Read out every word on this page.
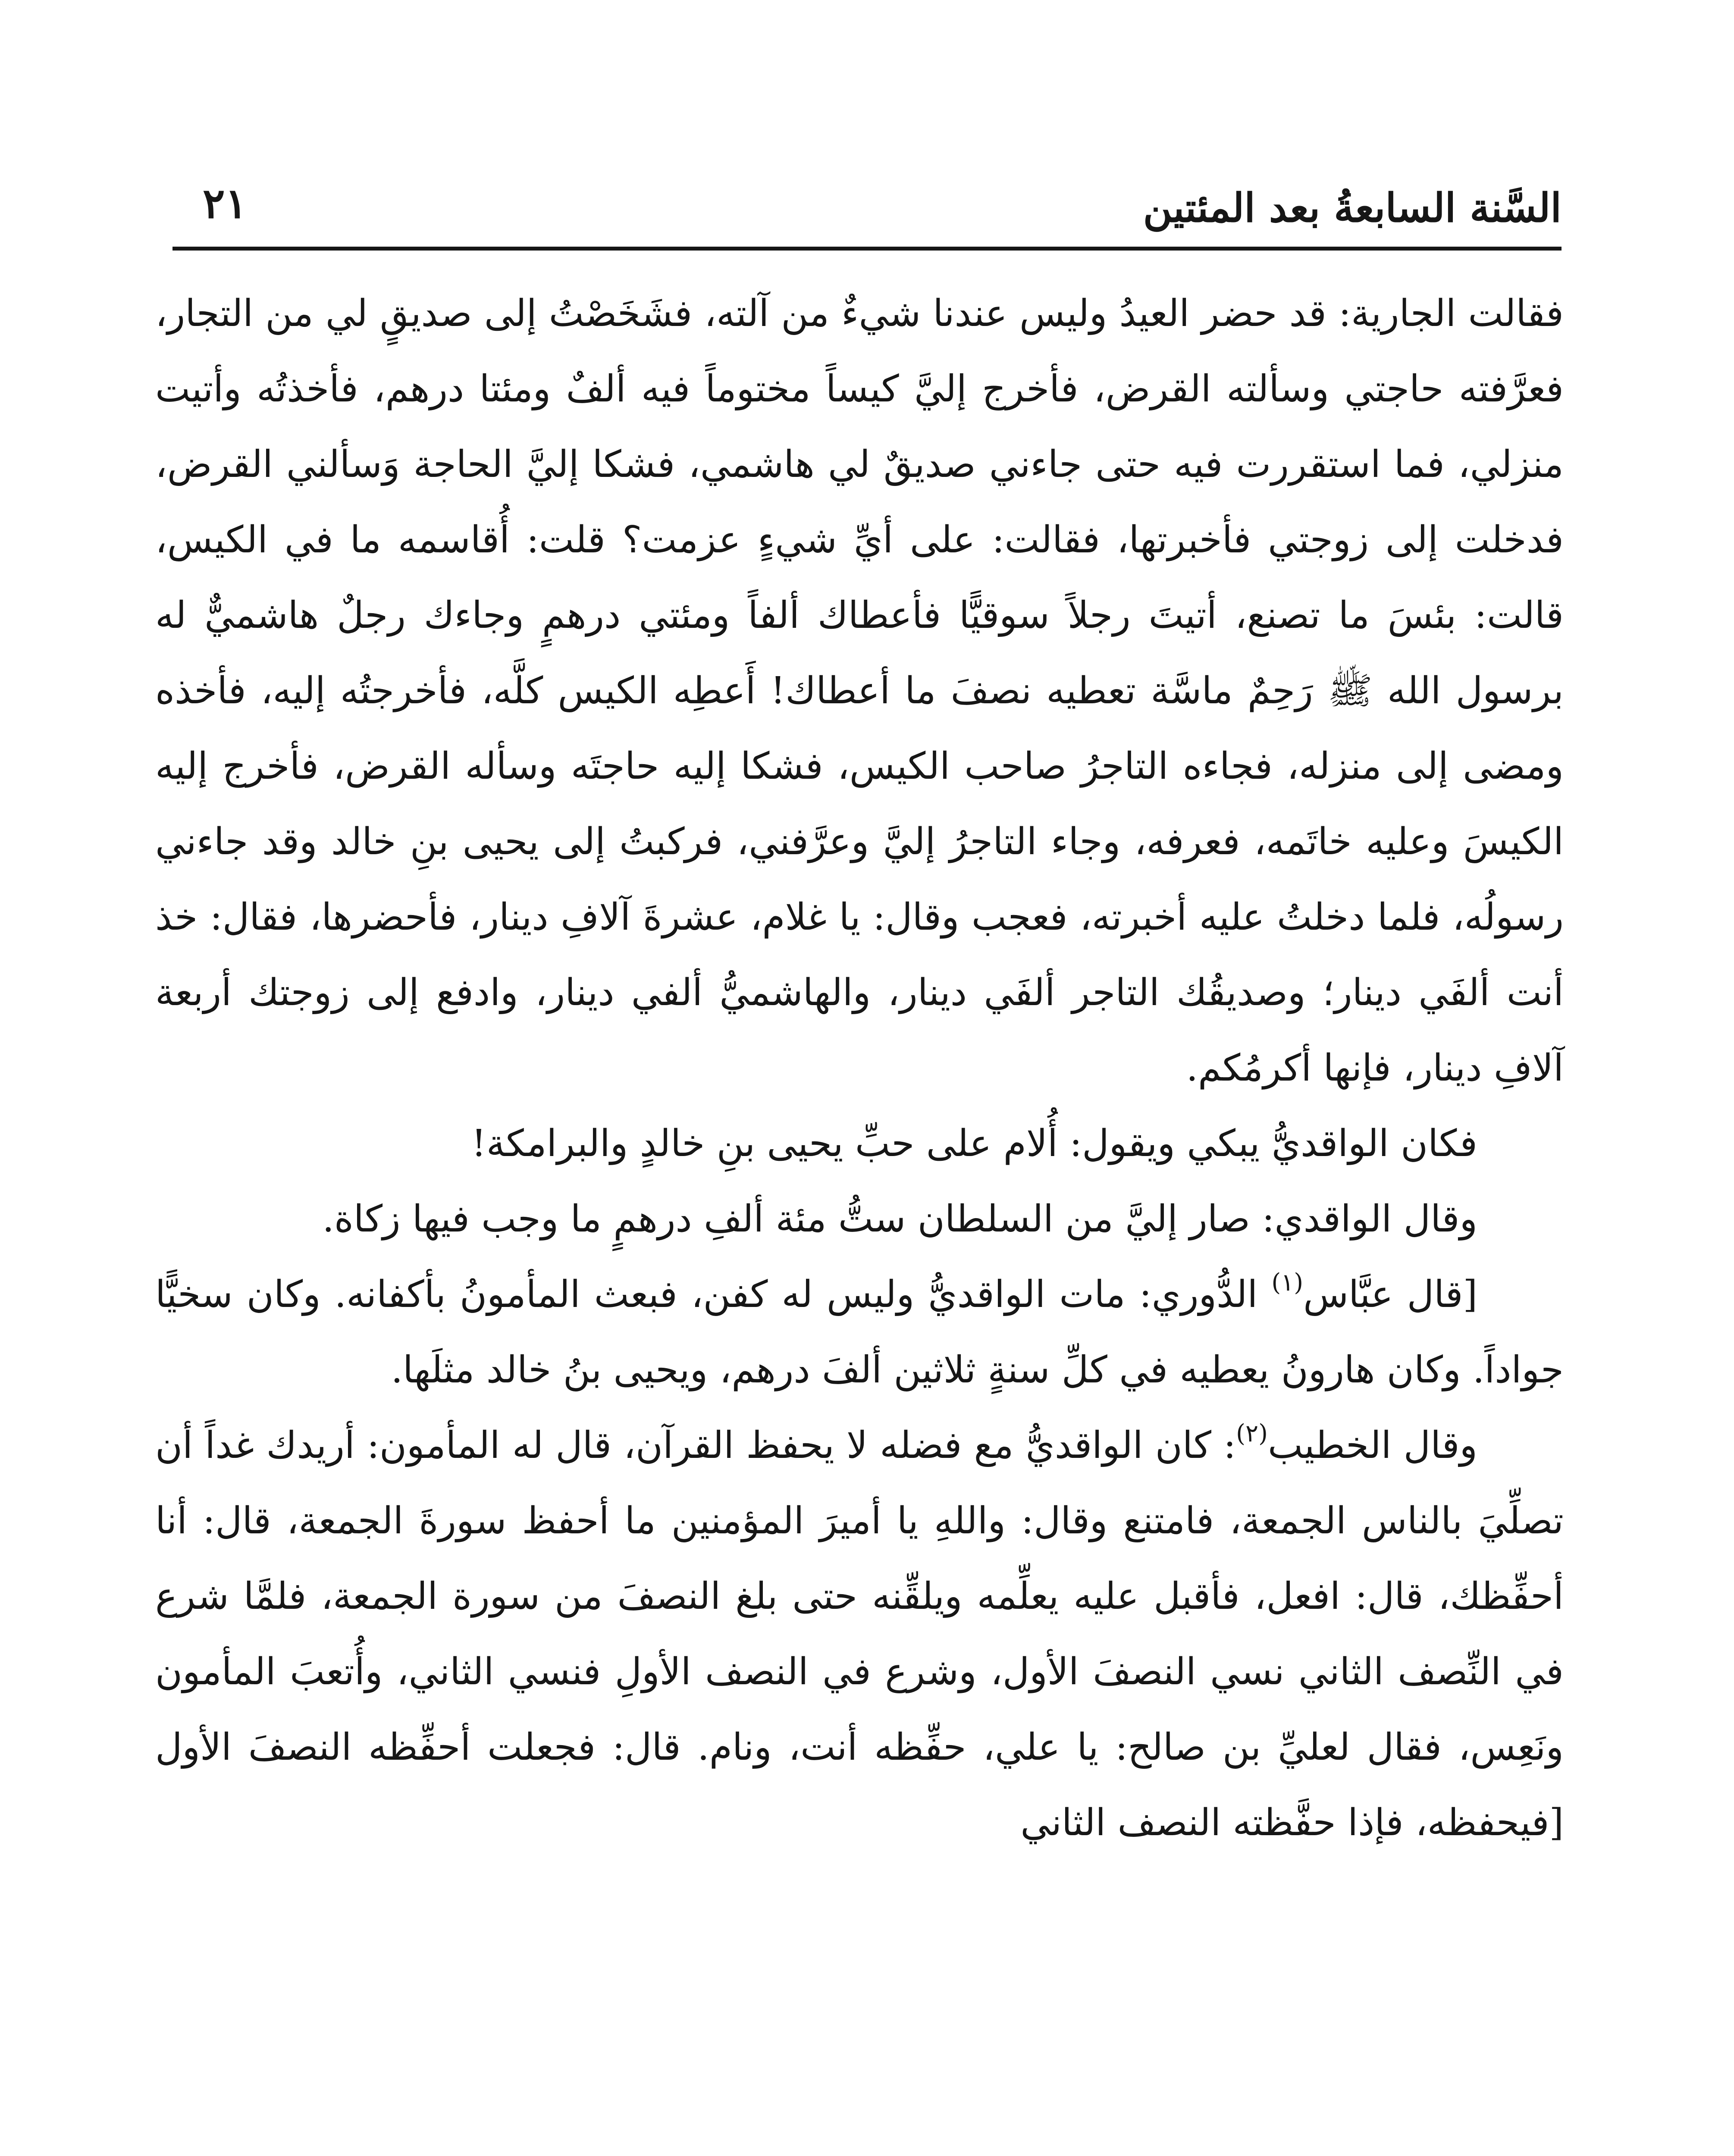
السَّنة السابعةُ بعد المئتين
٢١

فقالت الجارية: قد حضر العيدُ وليس عندنا شيءٌ من آلته، فشَخَصْتُ إلى صديقٍ لي من التجار، فعرَّفته حاجتي وسألته القرض، فأخرج إليَّ كيساً مختوماً فيه ألفٌ ومئتا درهم، فأخذتُه وأتيت منزلي، فما استقررت فيه حتى جاءني صديقٌ لي هاشمي، فشكا إليَّ الحاجة وَسألني القرض، فدخلت إلى زوجتي فأخبرتها، فقالت: على أيِّ شيءٍ عزمت؟ قلت: أُقاسمه ما في الكيس، قالت: بئسَ ما تصنع، أتيتَ رجلاً سوقيًّا فأعطاك ألفاً ومئتي درهمٍ وجاءك رجلٌ هاشميٌّ له برسول الله ﷺ رَحِمٌ ماسَّة تعطيه نصفَ ما أعطاك! أَعطِه الكيس كلَّه، فأخرجتُه إليه، فأخذه ومضى إلى منزله، فجاءه التاجرُ صاحب الكيس، فشكا إليه حاجتَه وسأله القرض، فأخرج إليه الكيسَ وعليه خاتَمه، فعرفه، وجاء التاجرُ إليَّ وعرَّفني، فركبتُ إلى يحيى بنِ خالد وقد جاءني رسولُه، فلما دخلتُ عليه أخبرته، فعجب وقال: يا غلام، عشرةَ آلافِ دينار، فأحضرها، فقال: خذ أنت ألفَي دينار؛ وصديقُك التاجر ألفَي دينار، والهاشميُّ ألفي دينار، وادفع إلى زوجتك أربعة آلافِ دينار، فإنها أكرمُكم.

فكان الواقديُّ يبكي ويقول: أُلام على حبِّ يحيى بنِ خالدٍ والبرامكة!

وقال الواقدي: صار إليَّ من السلطان ستُّ مئة ألفِ درهمٍ ما وجب فيها زكاة.

[قال عبَّاس$^{(١)}$ الدُّوري: مات الواقديُّ وليس له كفن، فبعث المأمونُ بأكفانه. وكان سخيًّا جواداً. وكان هارونُ يعطيه في كلِّ سنةٍ ثلاثين ألفَ درهم، ويحيى بنُ خالد مثلَها.

وقال الخطيب$^{(٢)}$: كان الواقديُّ مع فضله لا يحفظ القرآن، قال له المأمون: أريدك غداً أن تصلِّيَ بالناس الجمعة، فامتنع وقال: واللهِ يا أميرَ المؤمنين ما أحفظ سورةَ الجمعة، قال: أنا أحفِّظك، قال: افعل، فأقبل عليه يعلِّمه ويلقِّنه حتى بلغ النصفَ من سورة الجمعة، فلمَّا شرع في النِّصف الثاني نسي النصفَ الأول، وشرع في النصف الأولِ فنسي الثاني، وأُتعبَ المأمون ونَعِس، فقال لعليِّ بن صالح: يا علي، حفِّظه أنت، ونام. قال: فجعلت أحفِّظه النصفَ الأول [فيحفظه، فإذا حفَّظته النصف الثاني
